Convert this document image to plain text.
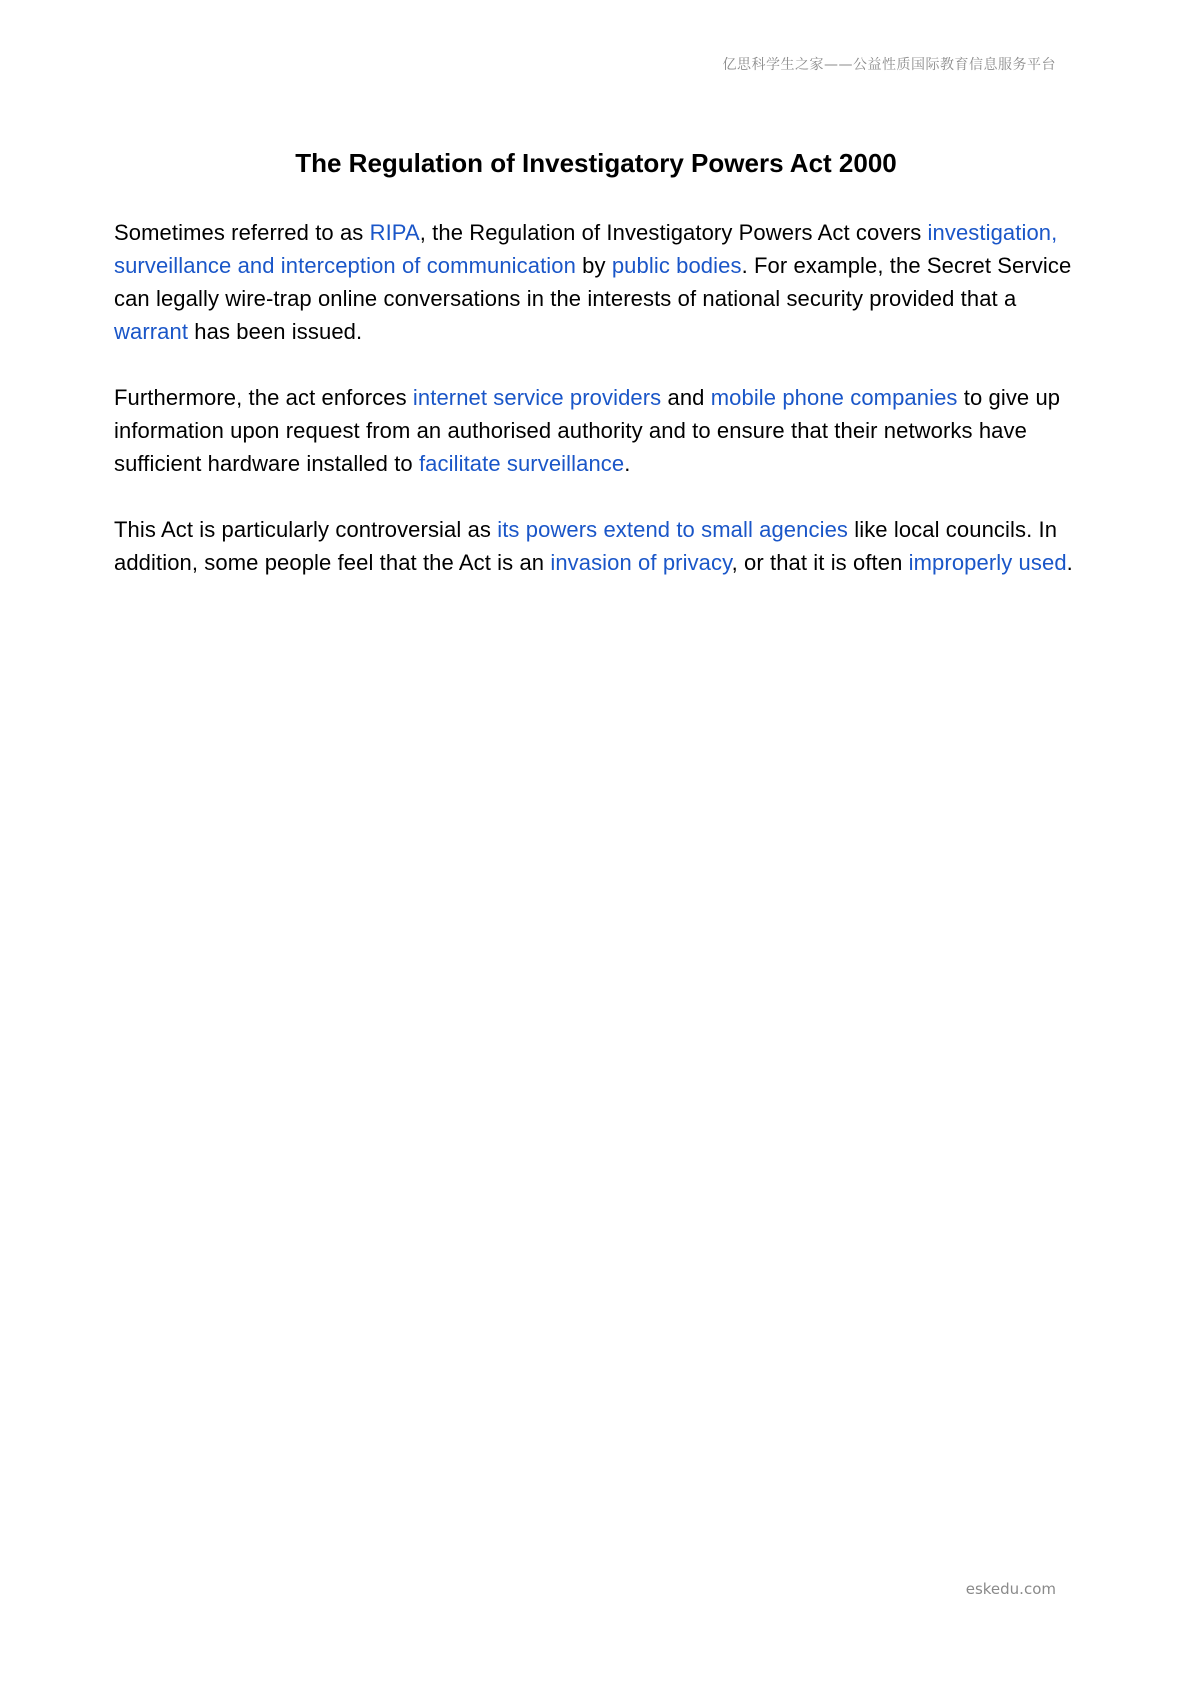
亿思科学生之家——公益性质国际教育信息服务平台
The Regulation of Investigatory Powers Act 2000

Sometimes referred to as RIPA, the Regulation of Investigatory Powers Act covers investigation, surveillance and interception of communication by public bodies. For example, the Secret Service can legally wire-trap online conversations in the interests of national security provided that a warrant has been issued.

Furthermore, the act enforces internet service providers and mobile phone companies to give up information upon request from an authorised authority and to ensure that their networks have sufficient hardware installed to facilitate surveillance.

This Act is particularly controversial as its powers extend to small agencies like local councils. In addition, some people feel that the Act is an invasion of privacy, or that it is often improperly used.

eskedu.com
